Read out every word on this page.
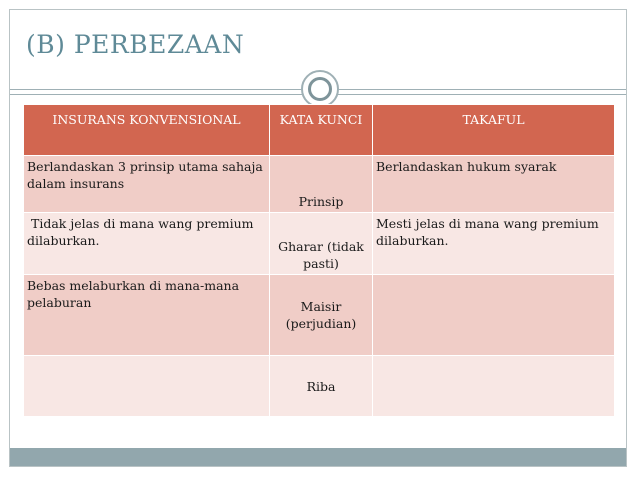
(B) PERBEZAAN
INSURANS KONVENSIONAL	KATA KUNCI	TAKAFUL
Berlandaskan 3 prinsip utama sahaja dalam insurans	Prinsip	Berlandaskan hukum syarak
Tidak jelas di mana wang premium dilaburkan.	Gharar (tidak pasti)	Mesti jelas di mana wang premium dilaburkan.
Bebas melaburkan di mana-mana pelaburan	Maisir (perjudian)	
	Riba	
